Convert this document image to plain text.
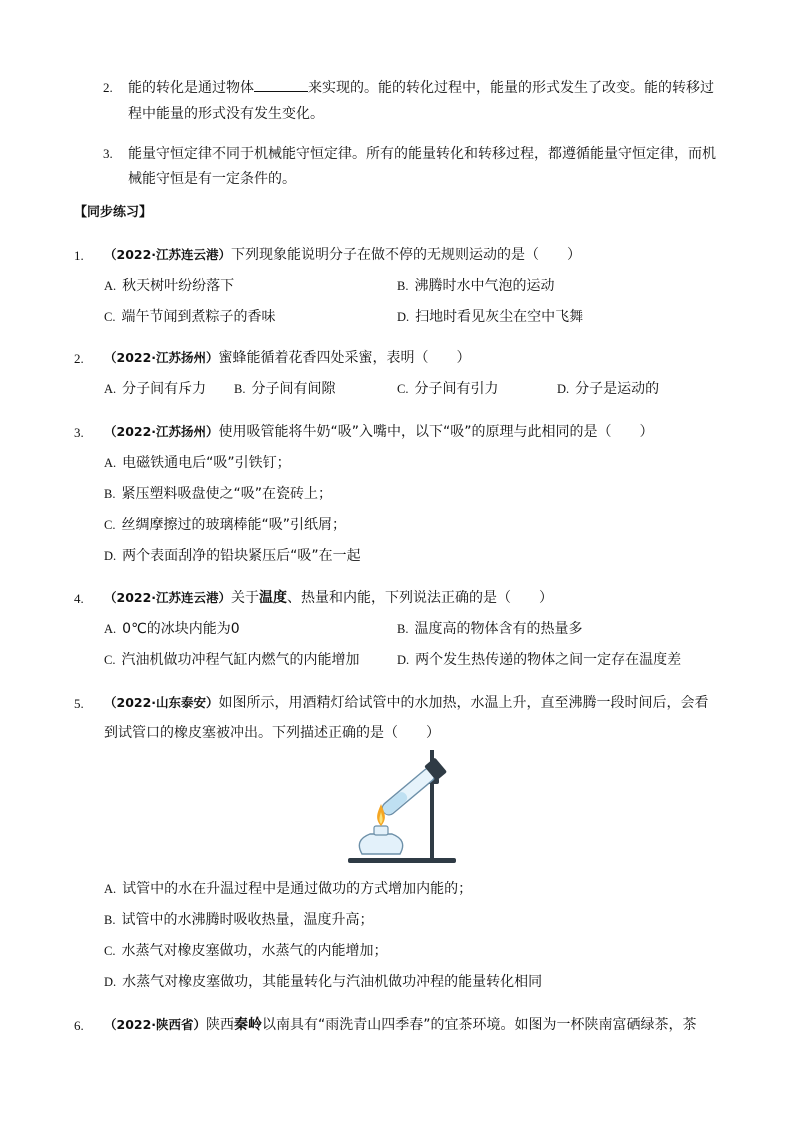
2. 能的转化是通过物体	来实现的。能的转化过程中，能量的形式发生了改变。能的转移过
程中能量的形式没有发生变化。
3. 能量守恒定律不同于机械能守恒定律。所有的能量转化和转移过程，都遵循能量守恒定律，而机
械能守恒是有一定条件的。
【同步练习】
1. （2022·江苏连云港）下列现象能说明分子在做不停的无规则运动的是（　　）
A. 秋天树叶纷纷落下	B. 沸腾时水中气泡的运动
C. 端午节闻到煮粽子的香味	D. 扫地时看见灰尘在空中飞舞
2. （2022·江苏扬州）蜜蜂能循着花香四处采蜜，表明（　　）
A. 分子间有斥力 B. 分子间有间隙	C. 分子间有引力	D. 分子是运动的
3. （2022·江苏扬州）使用吸管能将牛奶“吸”入嘴中，以下“吸”的原理与此相同的是（　　）
A. 电磁铁通电后“吸”引铁钉；
B. 紧压塑料吸盘使之“吸”在瓷砖上；
C. 丝绸摩擦过的玻璃棒能“吸”引纸屑；
D. 两个表面刮净的铅块紧压后“吸”在一起
4. （2022·江苏连云港）关于温度、热量和内能，下列说法正确的是（　　）
A. 0℃的冰块内能为0	B. 温度高的物体含有的热量多
C. 汽油机做功冲程气缸内燃气的内能增加	D. 两个发生热传递的物体之间一定存在温度差
5. （2022·山东泰安）如图所示，用酒精灯给试管中的水加热，水温上升，直至沸腾一段时间后，会看
到试管口的橡皮塞被冲出。下列描述正确的是（　　）
A. 试管中的水在升温过程中是通过做功的方式增加内能的；
B. 试管中的水沸腾时吸收热量，温度升高；
C. 水蒸气对橡皮塞做功，水蒸气的内能增加；
D. 水蒸气对橡皮塞做功，其能量转化与汽油机做功冲程的能量转化相同
6. （2022·陕西省）陕西秦岭以南具有“雨洗青山四季春”的宜茶环境。如图为一杯陕南富硒绿茶，茶
